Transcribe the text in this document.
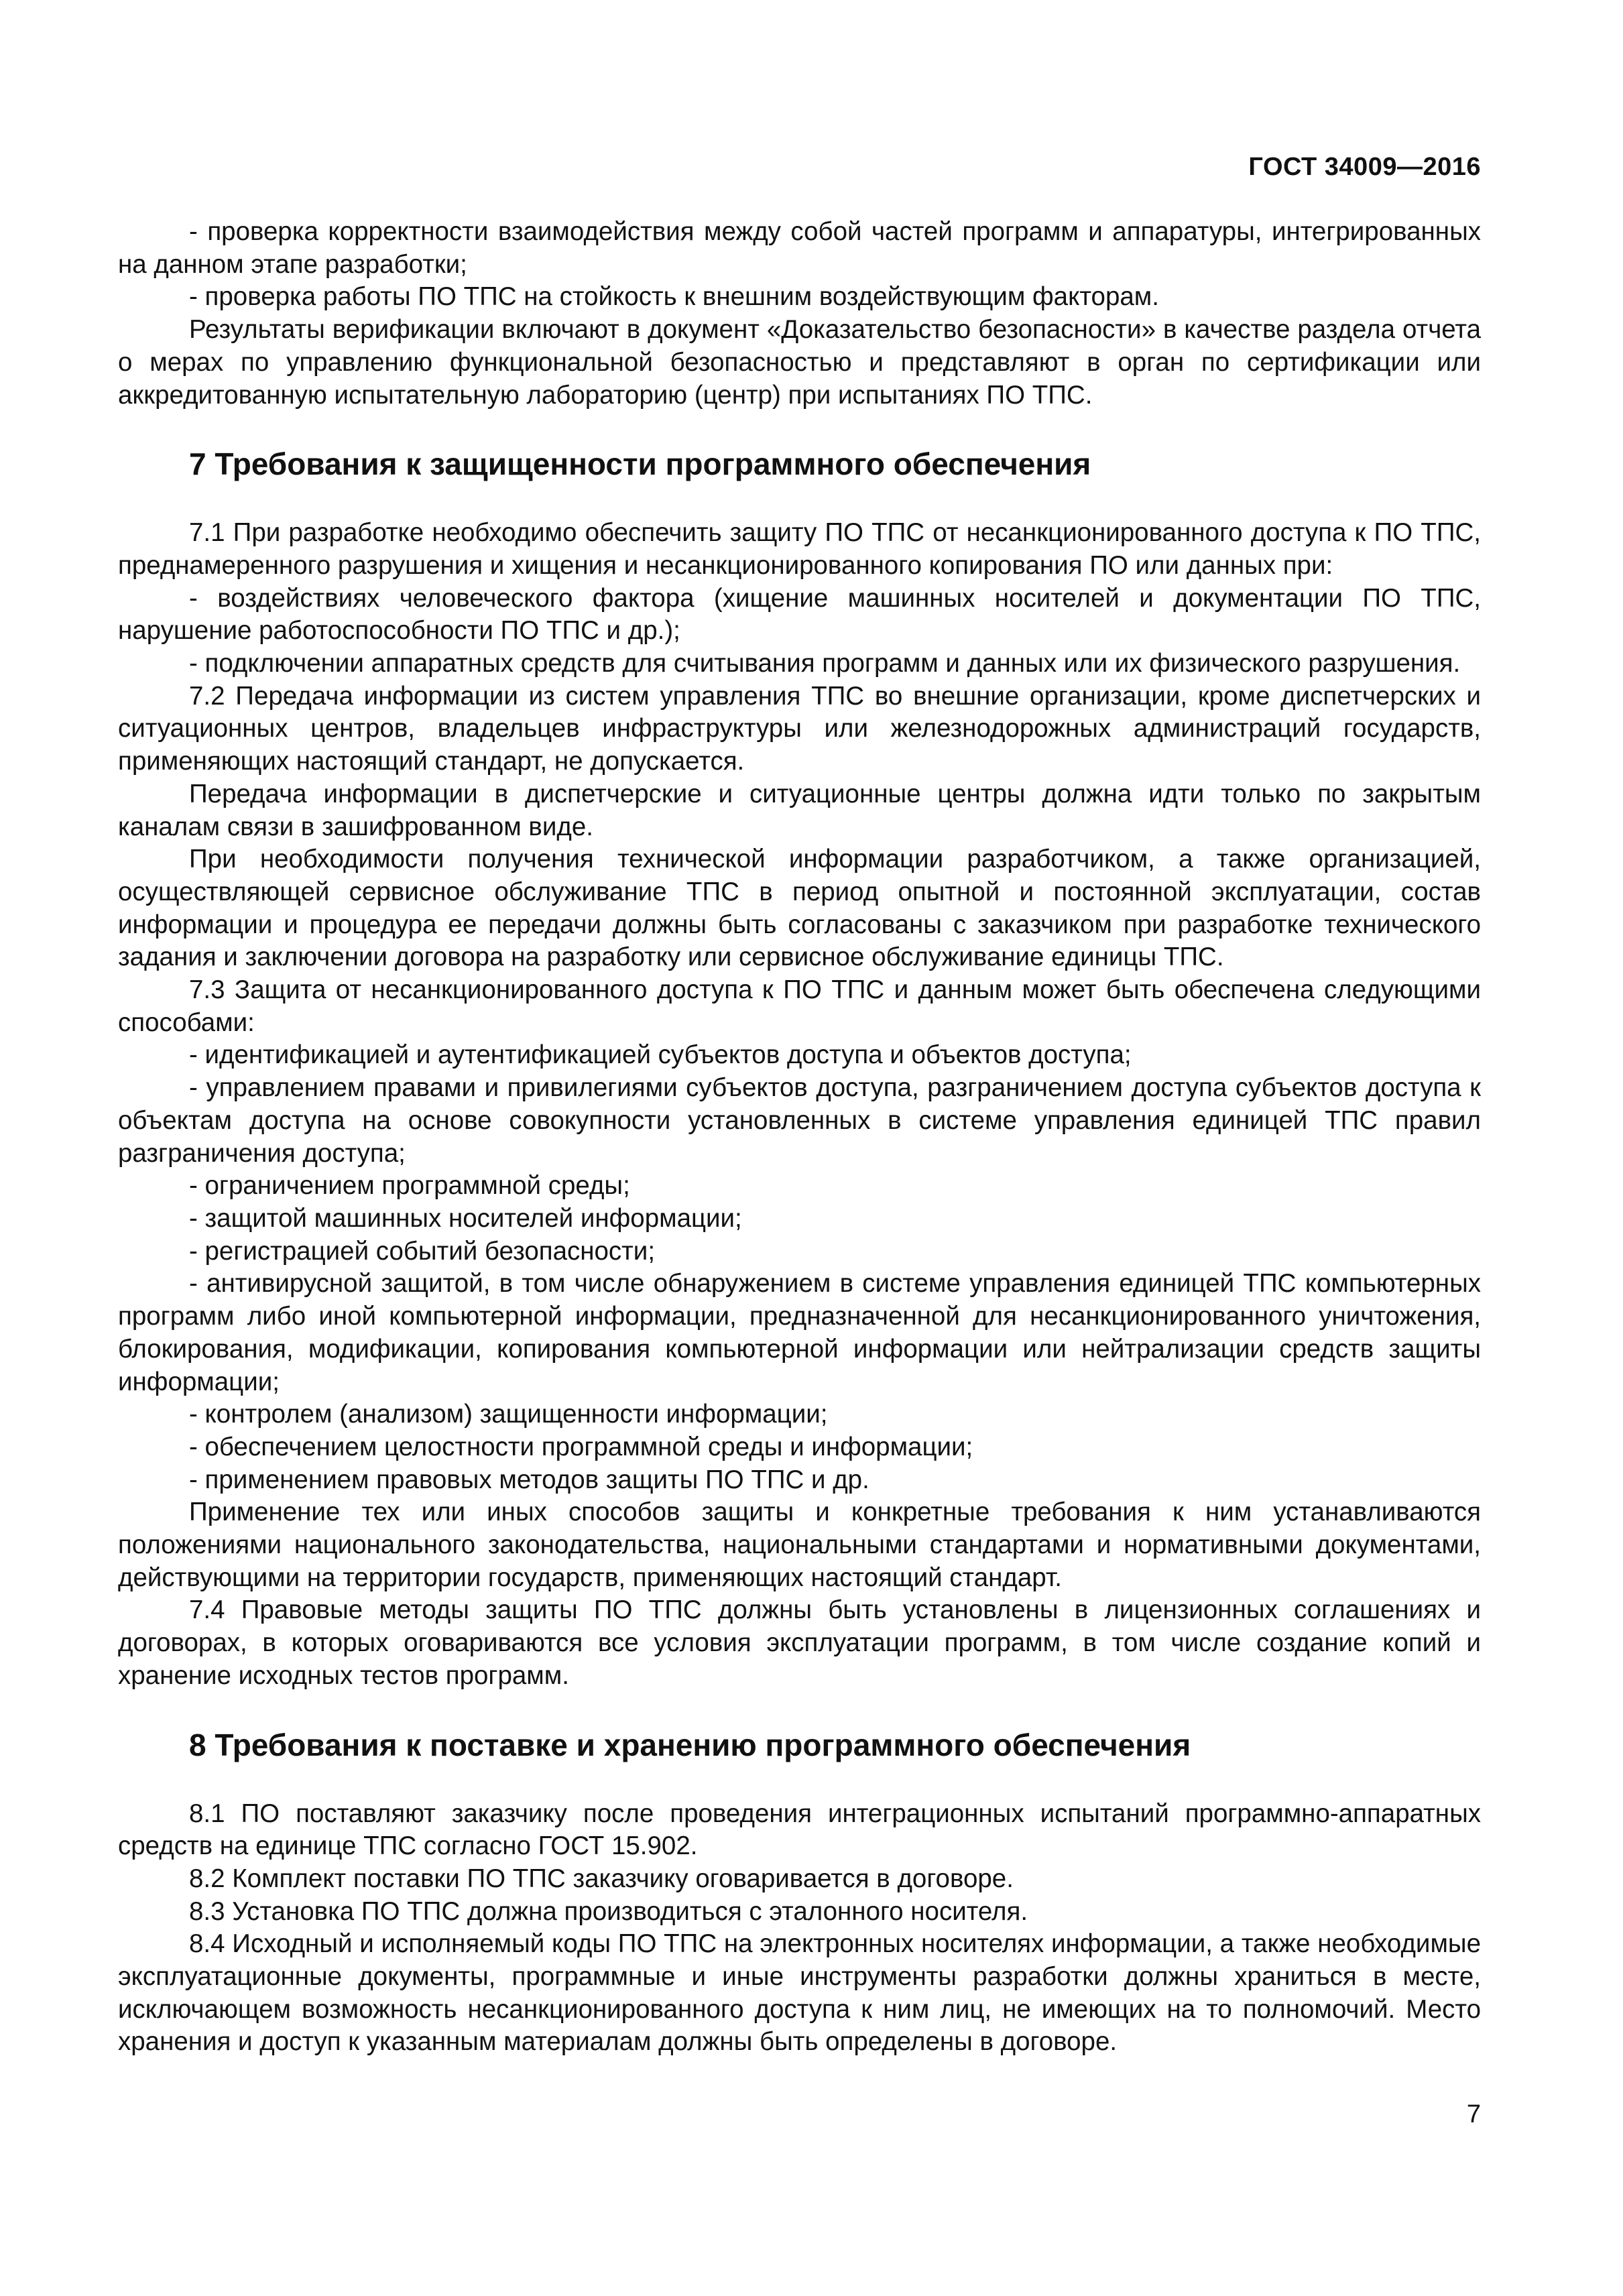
ГОСТ 34009—2016

- проверка корректности взаимодействия между собой частей программ и аппаратуры, интегрированных на данном этапе разработки;

- проверка работы ПО ТПС на стойкость к внешним воздействующим факторам.

Результаты верификации включают в документ «Доказательство безопасности» в качестве раздела отчета о мерах по управлению функциональной безопасностью и представляют в орган по сертификации или аккредитованную испытательную лабораторию (центр) при испытаниях ПО ТПС.

7 Требования к защищенности программного обеспечения

7.1 При разработке необходимо обеспечить защиту ПО ТПС от несанкционированного доступа к ПО ТПС, преднамеренного разрушения и хищения и несанкционированного копирования ПО или данных при:

- воздействиях человеческого фактора (хищение машинных носителей и документации ПО ТПС, нарушение работоспособности ПО ТПС и др.);

- подключении аппаратных средств для считывания программ и данных или их физического разрушения.

7.2 Передача информации из систем управления ТПС во внешние организации, кроме диспетчерских и ситуационных центров, владельцев инфраструктуры или железнодорожных администраций государств, применяющих настоящий стандарт, не допускается.

Передача информации в диспетчерские и ситуационные центры должна идти только по закрытым каналам связи в зашифрованном виде.

При необходимости получения технической информации разработчиком, а также организацией, осуществляющей сервисное обслуживание ТПС в период опытной и постоянной эксплуатации, состав информации и процедура ее передачи должны быть согласованы с заказчиком при разработке технического задания и заключении договора на разработку или сервисное обслуживание единицы ТПС.

7.3 Защита от несанкционированного доступа к ПО ТПС и данным может быть обеспечена следующими способами:

- идентификацией и аутентификацией субъектов доступа и объектов доступа;

- управлением правами и привилегиями субъектов доступа, разграничением доступа субъектов доступа к объектам доступа на основе совокупности установленных в системе управления единицей ТПС правил разграничения доступа;

- ограничением программной среды;

- защитой машинных носителей информации;

- регистрацией событий безопасности;

- антивирусной защитой, в том числе обнаружением в системе управления единицей ТПС компьютерных программ либо иной компьютерной информации, предназначенной для несанкционированного уничтожения, блокирования, модификации, копирования компьютерной информации или нейтрализации средств защиты информации;

- контролем (анализом) защищенности информации;

- обеспечением целостности программной среды и информации;

- применением правовых методов защиты ПО ТПС и др.

Применение тех или иных способов защиты и конкретные требования к ним устанавливаются положениями национального законодательства, национальными стандартами и нормативными документами, действующими на территории государств, применяющих настоящий стандарт.

7.4 Правовые методы защиты ПО ТПС должны быть установлены в лицензионных соглашениях и договорах, в которых оговариваются все условия эксплуатации программ, в том числе создание копий и хранение исходных тестов программ.

8 Требования к поставке и хранению программного обеспечения

8.1 ПО поставляют заказчику после проведения интеграционных испытаний программно-аппаратных средств на единице ТПС согласно ГОСТ 15.902.

8.2 Комплект поставки ПО ТПС заказчику оговаривается в договоре.

8.3 Установка ПО ТПС должна производиться с эталонного носителя.

8.4 Исходный и исполняемый коды ПО ТПС на электронных носителях информации, а также необходимые эксплуатационные документы, программные и иные инструменты разработки должны храниться в месте, исключающем возможность несанкционированного доступа к ним лиц, не имеющих на то полномочий. Место хранения и доступ к указанным материалам должны быть определены в договоре.

7
